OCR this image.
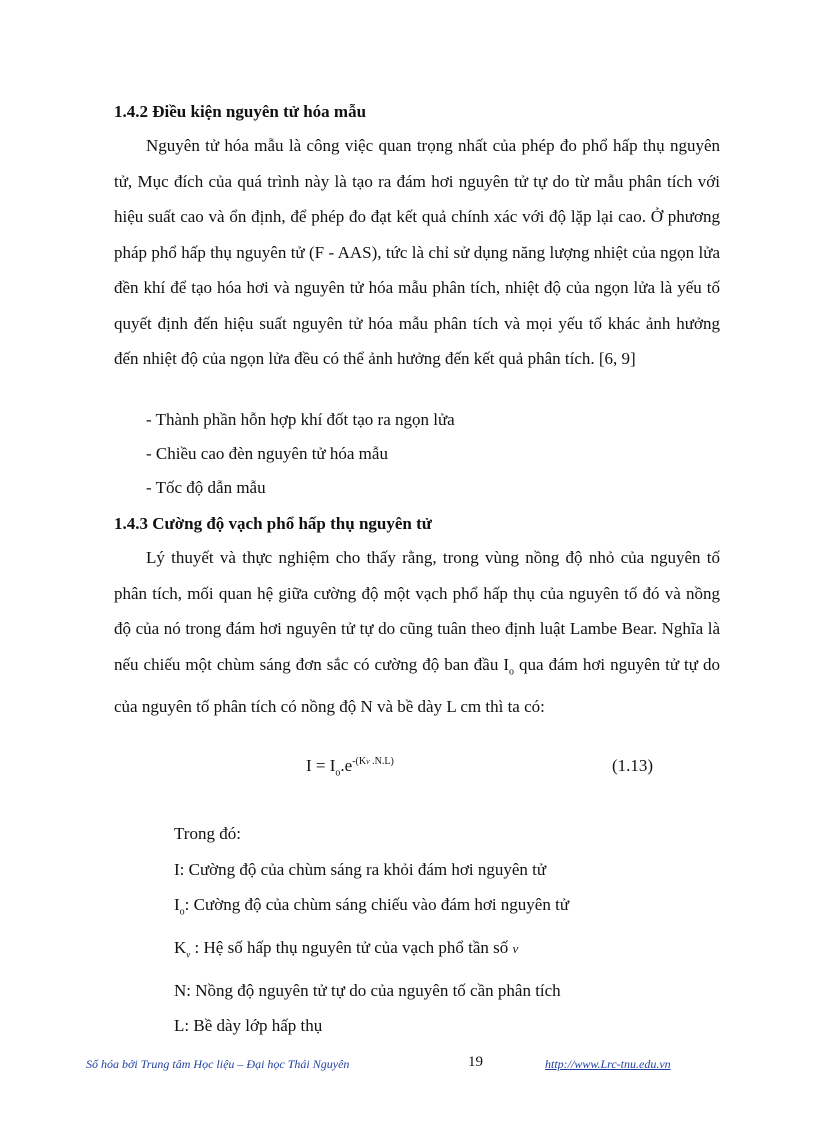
1.4.2 Điều kiện nguyên tử hóa mẫu
Nguyên tử hóa mẫu là công việc quan trọng nhất của phép đo phổ hấp thụ nguyên tử, Mục đích của quá trình này là tạo ra đám hơi nguyên tử tự do từ mẫu phân tích với hiệu suất cao và ổn định, để phép đo đạt kết quả chính xác với độ lặp lại cao. Ở phương pháp phổ hấp thụ nguyên tử (F - AAS), tức là chỉ sử dụng năng lượng nhiệt của ngọn lửa đền khí để tạo hóa hơi và nguyên tử hóa mẫu phân tích, nhiệt độ của ngọn lửa là yếu tố quyết định đến hiệu suất nguyên tử hóa mẫu phân tích và mọi yếu tố khác ảnh hưởng đến nhiệt độ của ngọn lửa đều có thể ảnh hưởng đến kết quả phân tích. [6, 9]
- Thành phần hỗn hợp khí đốt tạo ra ngọn lửa
- Chiều cao đèn nguyên tử hóa mẫu
- Tốc độ dẫn mẫu
1.4.3 Cường độ vạch phổ hấp thụ nguyên tử
Lý thuyết và thực nghiệm cho thấy rằng, trong vùng nồng độ nhỏ của nguyên tố phân tích, mối quan hệ giữa cường độ một vạch phổ hấp thụ của nguyên tố đó và nồng độ của nó trong đám hơi nguyên tử tự do cũng tuân theo định luật Lambe Bear. Nghĩa là nếu chiếu một chùm sáng đơn sắc có cường độ ban đầu $I_o$ qua đám hơi nguyên tử tự do của nguyên tố phân tích có nồng độ N và bề dày L cm thì ta có:
$I = I_o.e^{-(K\nu .N.L)}$	(1.13)
Trong đó:
I: Cường độ của chùm sáng ra khỏi đám hơi nguyên tử
$I_o$: Cường độ của chùm sáng chiếu vào đám hơi nguyên tử
$K_\nu$ : Hệ số hấp thụ nguyên tử của vạch phổ tần số ν
N: Nồng độ nguyên tử tự do của nguyên tố cần phân tích
L: Bề dày lớp hấp thụ
Số hóa bởi Trung tâm Học liệu – Đại học Thái Nguyên	19	http://www.Lrc-tnu.edu.vn
